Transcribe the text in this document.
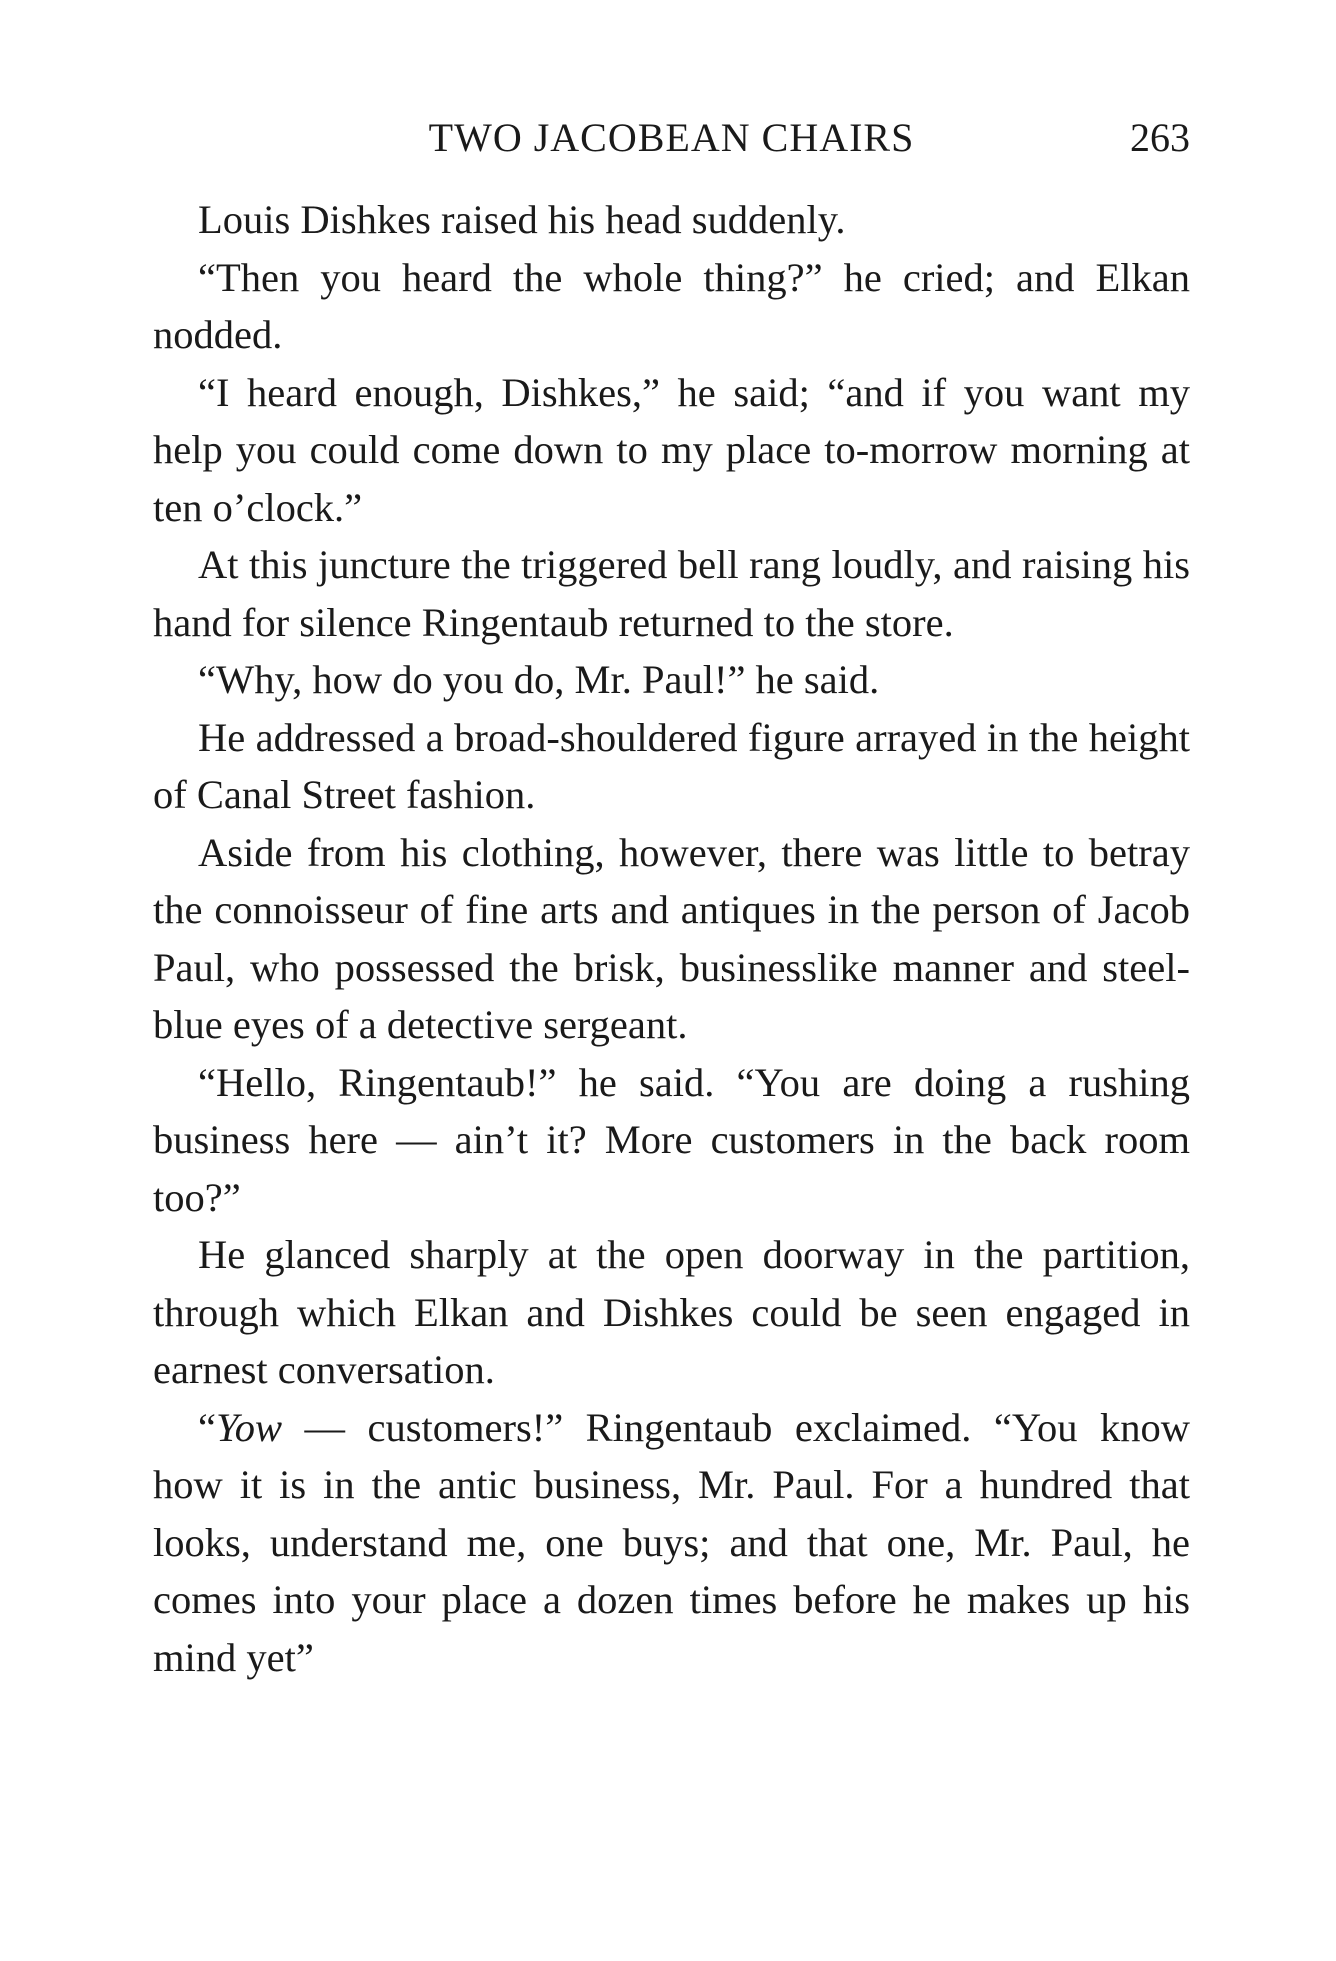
TWO JACOBEAN CHAIRS	263

Louis Dishkes raised his head suddenly.

“Then you heard the whole thing?” he cried; and Elkan nodded.

“I heard enough, Dishkes,” he said; “and if you want my help you could come down to my place to-morrow morning at ten o’clock.”

At this juncture the triggered bell rang loudly, and raising his hand for silence Ringentaub returned to the store.

“Why, how do you do, Mr. Paul!” he said.

He addressed a broad-shouldered figure arrayed in the height of Canal Street fashion.

Aside from his clothing, however, there was little to betray the connoisseur of fine arts and antiques in the person of Jacob Paul, who possessed the brisk, businesslike manner and steel-blue eyes of a detective sergeant.

“Hello, Ringentaub!” he said. “You are doing a rushing business here — ain’t it? More customers in the back room too?”

He glanced sharply at the open doorway in the partition, through which Elkan and Dishkes could be seen engaged in earnest conversation.

“Yow — customers!” Ringentaub exclaimed. “You know how it is in the antic business, Mr. Paul. For a hundred that looks, understand me, one buys; and that one, Mr. Paul, he comes into your place a dozen times before he makes up his mind yet”
